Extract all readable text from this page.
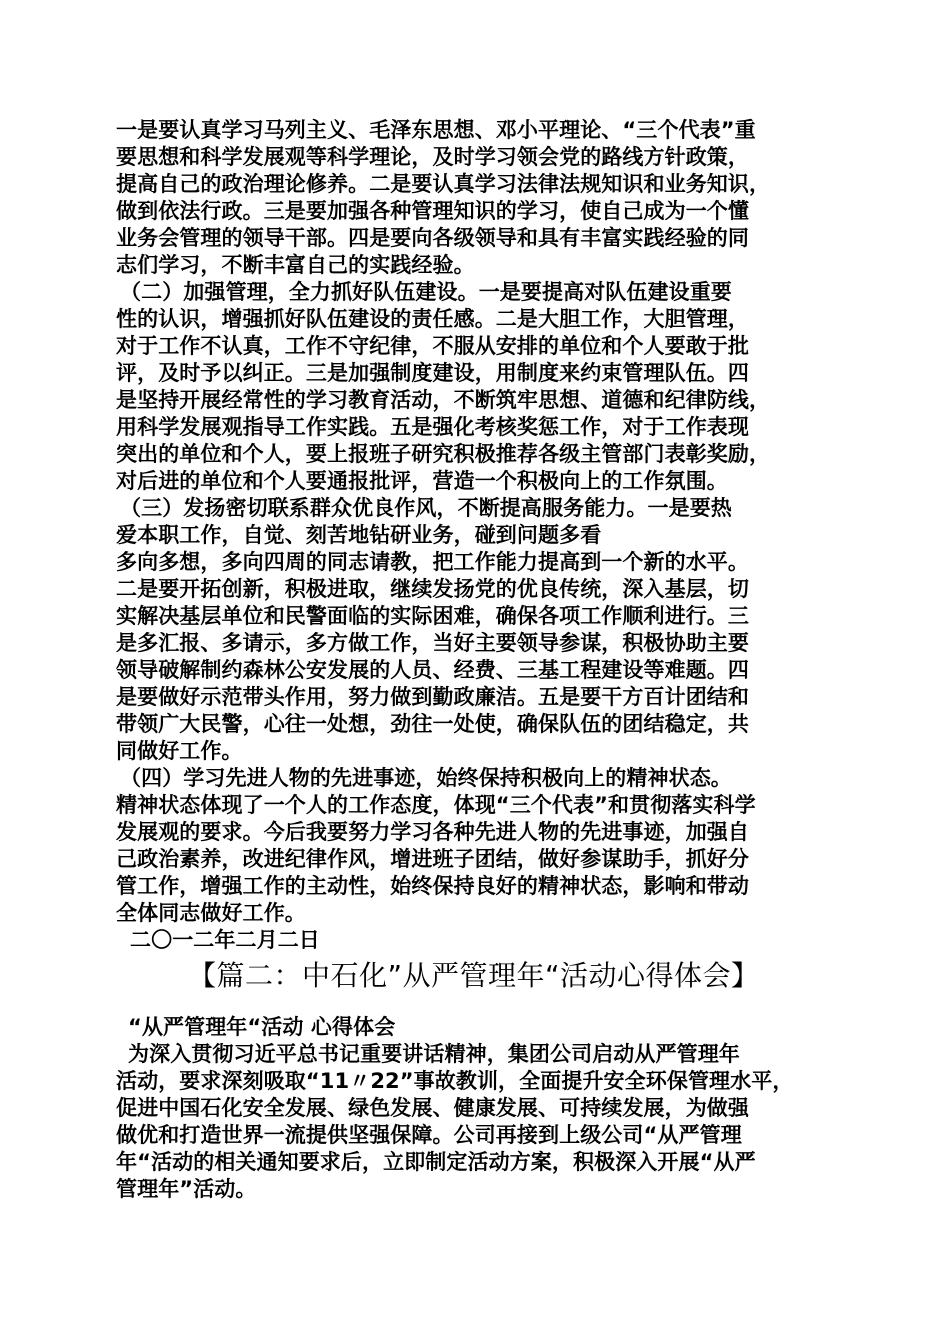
一是要认真学习马列主义、毛泽东思想、邓小平理论、“三个代表”重
要思想和科学发展观等科学理论，及时学习领会党的路线方针政策，
提高自己的政治理论修养。二是要认真学习法律法规知识和业务知识，
做到依法行政。三是要加强各种管理知识的学习，使自己成为一个懂
业务会管理的领导干部。四是要向各级领导和具有丰富实践经验的同
志们学习，不断丰富自己的实践经验。
（二）加强管理，全力抓好队伍建设。一是要提高对队伍建设重要
性的认识，增强抓好队伍建设的责任感。二是大胆工作，大胆管理，
对于工作不认真，工作不守纪律，不服从安排的单位和个人要敢于批
评，及时予以纠正。三是加强制度建设，用制度来约束管理队伍。四
是坚持开展经常性的学习教育活动，不断筑牢思想、道德和纪律防线，
用科学发展观指导工作实践。五是强化考核奖惩工作，对于工作表现
突出的单位和个人，要上报班子研究积极推荐各级主管部门表彰奖励，
对后进的单位和个人要通报批评，营造一个积极向上的工作氛围。
（三）发扬密切联系群众优良作风，不断提高服务能力。一是要热
爱本职工作，自觉、刻苦地钻研业务，碰到问题多看
多向多想，多向四周的同志请教，把工作能力提高到一个新的水平。
二是要开拓创新，积极进取，继续发扬党的优良传统，深入基层，切
实解决基层单位和民警面临的实际困难，确保各项工作顺利进行。三
是多汇报、多请示，多方做工作，当好主要领导参谋，积极协助主要
领导破解制约森林公安发展的人员、经费、三基工程建设等难题。四
是要做好示范带头作用，努力做到勤政廉洁。五是要干方百计团结和
带领广大民警，心往一处想，劲往一处使，确保队伍的团结稳定，共
同做好工作。
（四）学习先进人物的先进事迹，始终保持积极向上的精神状态。
精神状态体现了一个人的工作态度，体现“三个代表”和贯彻落实科学
发展观的要求。今后我要努力学习各种先进人物的先进事迹，加强自
己政治素养，改进纪律作风，增进班子团结，做好参谋助手，抓好分
管工作，增强工作的主动性，始终保持良好的精神状态，影响和带动
全体同志做好工作。
二〇一二年二月二日
【篇二：中石化”从严管理年“活动心得体会】
“从严管理年“活动 心得体会
为深入贯彻习近平总书记重要讲话精神，集团公司启动从严管理年
活动，要求深刻吸取“11〃22”事故教训，全面提升安全环保管理水平，
促进中国石化安全发展、绿色发展、健康发展、可持续发展，为做强
做优和打造世界一流提供坚强保障。公司再接到上级公司“从严管理
年“活动的相关通知要求后，立即制定活动方案，积极深入开展“从严
管理年”活动。
